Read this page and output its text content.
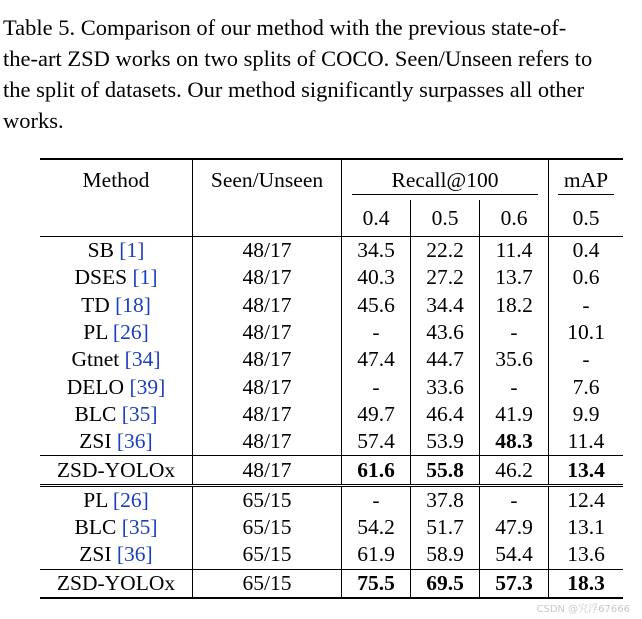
Table 5. Comparison of our method with the previous state-of-
the-art ZSD works on two splits of COCO. Seen/Unseen refers to
the split of datasets. Our method significantly surpasses all other
works.
Method	Seen/Unseen	Recall@100			mAP
		0.4	0.5	0.6	0.5
SB [1]	48/17	34.5	22.2	11.4	0.4
DSES [1]	48/17	40.3	27.2	13.7	0.6
TD [18]	48/17	45.6	34.4	18.2	-
PL [26]	48/17	-	43.6	-	10.1
Gtnet [34]	48/17	47.4	44.7	35.6	-
DELO [39]	48/17	-	33.6	-	7.6
BLC [35]	48/17	49.7	46.4	41.9	9.9
ZSI [36]	48/17	57.4	53.9	48.3	11.4
ZSD-YOLOx	48/17	61.6	55.8	46.2	13.4
PL [26]	65/15	-	37.8	-	12.4
BLC [35]	65/15	54.2	51.7	47.9	13.1
ZSI [36]	65/15	61.9	58.9	54.4	13.6
ZSD-YOLOx	65/15	75.5	69.5	57.3	18.3
CSDN @究浮67666
